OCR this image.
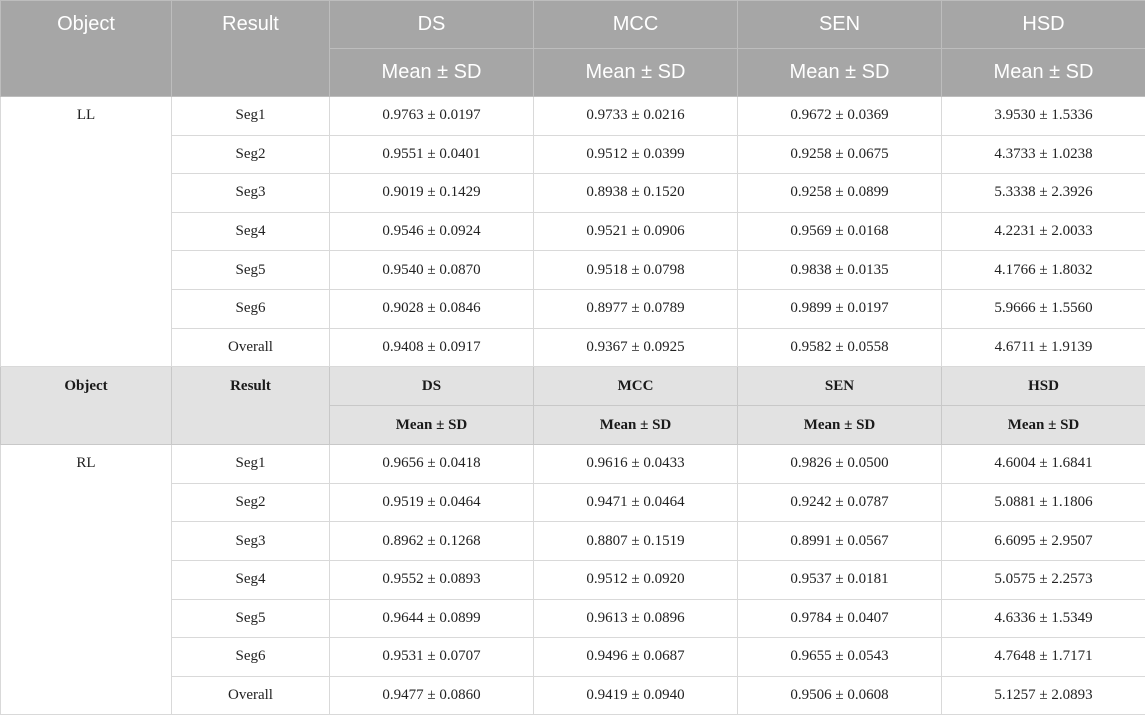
Object	Result	DS	MCC	SEN	HSD
		Mean ± SD	Mean ± SD	Mean ± SD	Mean ± SD
LL	Seg1	0.9763 ± 0.0197	0.9733 ± 0.0216	0.9672 ± 0.0369	3.9530 ± 1.5336
	Seg2	0.9551 ± 0.0401	0.9512 ± 0.0399	0.9258 ± 0.0675	4.3733 ± 1.0238
	Seg3	0.9019 ± 0.1429	0.8938 ± 0.1520	0.9258 ± 0.0899	5.3338 ± 2.3926
	Seg4	0.9546 ± 0.0924	0.9521 ± 0.0906	0.9569 ± 0.0168	4.2231 ± 2.0033
	Seg5	0.9540 ± 0.0870	0.9518 ± 0.0798	0.9838 ± 0.0135	4.1766 ± 1.8032
	Seg6	0.9028 ± 0.0846	0.8977 ± 0.0789	0.9899 ± 0.0197	5.9666 ± 1.5560
	Overall	0.9408 ± 0.0917	0.9367 ± 0.0925	0.9582 ± 0.0558	4.6711 ± 1.9139
Object	Result	DS	MCC	SEN	HSD
		Mean ± SD	Mean ± SD	Mean ± SD	Mean ± SD
RL	Seg1	0.9656 ± 0.0418	0.9616 ± 0.0433	0.9826 ± 0.0500	4.6004 ± 1.6841
	Seg2	0.9519 ± 0.0464	0.9471 ± 0.0464	0.9242 ± 0.0787	5.0881 ± 1.1806
	Seg3	0.8962 ± 0.1268	0.8807 ± 0.1519	0.8991 ± 0.0567	6.6095 ± 2.9507
	Seg4	0.9552 ± 0.0893	0.9512 ± 0.0920	0.9537 ± 0.0181	5.0575 ± 2.2573
	Seg5	0.9644 ± 0.0899	0.9613 ± 0.0896	0.9784 ± 0.0407	4.6336 ± 1.5349
	Seg6	0.9531 ± 0.0707	0.9496 ± 0.0687	0.9655 ± 0.0543	4.7648 ± 1.7171
	Overall	0.9477 ± 0.0860	0.9419 ± 0.0940	0.9506 ± 0.0608	5.1257 ± 2.0893
